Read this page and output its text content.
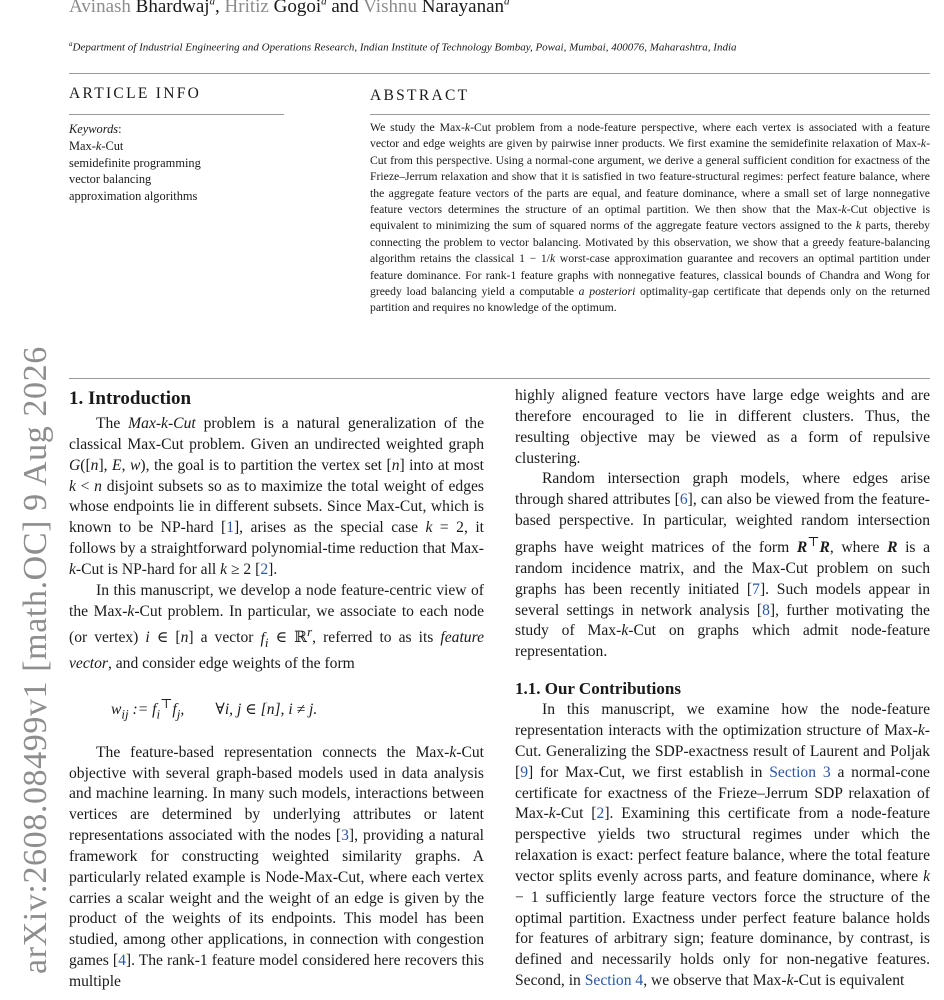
arXiv:2608.08499v1 [math.OC] 9 Aug 2026
Avinash Bhardwaj$^a$, Hritiz Gogoi$^a$ and Vishnu Narayanan$^a$
$^a$Department of Industrial Engineering and Operations Research, Indian Institute of Technology Bombay, Powai, Mumbai, 400076, Maharashtra, India
ARTICLE INFO
Keywords:
Max-k-Cut
semidefinite programming
vector balancing
approximation algorithms
ABSTRACT
We study the Max-k-Cut problem from a node-feature perspective, where each vertex is associated with a feature vector and edge weights are given by pairwise inner products. We first examine the semidefinite relaxation of Max-k-Cut from this perspective. Using a normal-cone argument, we derive a general sufficient condition for exactness of the Frieze–Jerrum relaxation and show that it is satisfied in two feature-structural regimes: perfect feature balance, where the aggregate feature vectors of the parts are equal, and feature dominance, where a small set of large nonnegative feature vectors determines the structure of an optimal partition. We then show that the Max-k-Cut objective is equivalent to minimizing the sum of squared norms of the aggregate feature vectors assigned to the k parts, thereby connecting the problem to vector balancing. Motivated by this observation, we show that a greedy feature-balancing algorithm retains the classical 1 − 1/k worst-case approximation guarantee and recovers an optimal partition under feature dominance. For rank-1 feature graphs with nonnegative features, classical bounds of Chandra and Wong for greedy load balancing yield a computable a posteriori optimality-gap certificate that depends only on the returned partition and requires no knowledge of the optimum.
1. Introduction

The Max-k-Cut problem is a natural generalization of the classical Max-Cut problem. Given an undirected weighted graph G([n], E, w), the goal is to partition the vertex set [n] into at most k < n disjoint subsets so as to maximize the total weight of edges whose endpoints lie in different subsets. Since Max-Cut, which is known to be NP-hard [1], arises as the special case k = 2, it follows by a straightforward polynomial-time reduction that Max-k-Cut is NP-hard for all k ≥ 2 [2].

In this manuscript, we develop a node feature-centric view of the Max-k-Cut problem. In particular, we associate to each node (or vertex) i ∈ [n] a vector $f_i$ ∈ ℝ$^r$, referred to as its feature vector, and consider edge weights of the form

$w_{ij}$ := $f_i^⊤f_j$,        ∀i, j ∈ [n], i ≠ j.

The feature-based representation connects the Max-k-Cut objective with several graph-based models used in data analysis and machine learning. In many such models, interactions between vertices are determined by underlying attributes or latent representations associated with the nodes [3], providing a natural framework for constructing weighted similarity graphs. A particularly related example is Node-Max-Cut, where each vertex carries a scalar weight and the weight of an edge is given by the product of the weights of its endpoints. This model has been studied, among other applications, in connection with congestion games [4]. The rank-1 feature model considered here recovers this multiple

highly aligned feature vectors have large edge weights and are therefore encouraged to lie in different clusters. Thus, the resulting objective may be viewed as a form of repulsive clustering.

Random intersection graph models, where edges arise through shared attributes [6], can also be viewed from the feature-based perspective. In particular, weighted random intersection graphs have weight matrices of the form R⊤R, where R is a random incidence matrix, and the Max-Cut problem on such graphs has been recently initiated [7]. Such models appear in several settings in network analysis [8], further motivating the study of Max-k-Cut on graphs which admit node-feature representation.

1.1. Our Contributions

In this manuscript, we examine how the node-feature representation interacts with the optimization structure of Max-k-Cut. Generalizing the SDP-exactness result of Laurent and Poljak [9] for Max-Cut, we first establish in Section 3 a normal-cone certificate for exactness of the Frieze–Jerrum SDP relaxation of Max-k-Cut [2]. Examining this certificate from a node-feature perspective yields two structural regimes under which the relaxation is exact: perfect feature balance, where the total feature vector splits evenly across parts, and feature dominance, where k − 1 sufficiently large feature vectors force the structure of the optimal partition. Exactness under perfect feature balance holds for features of arbitrary sign; feature dominance, by contrast, is defined and necessarily holds only for non-negative features. Second, in Section 4, we observe that Max-k-Cut is equivalent
